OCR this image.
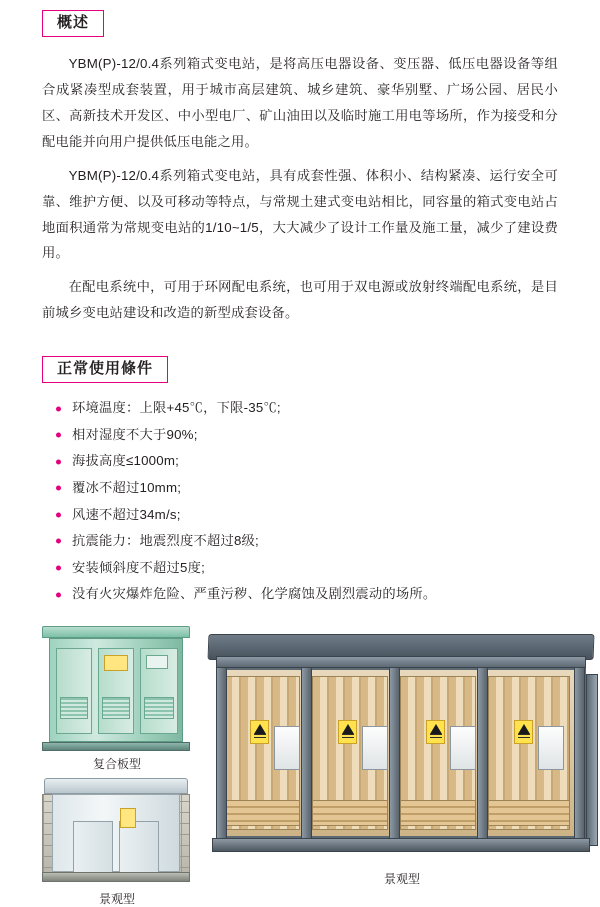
概述

YBM(P)-12/0.4系列箱式变电站，是将高压电器设备、变压器、低压电器设备等组合成紧凑型成套装置，用于城市高层建筑、城乡建筑、豪华别墅、广场公园、居民小区、高新技术开发区、中小型电厂、矿山油田以及临时施工用电等场所，作为接受和分配电能并向用户提供低压电能之用。

YBM(P)-12/0.4系列箱式变电站，具有成套性强、体积小、结构紧凑、运行安全可靠、维护方便、以及可移动等特点，与常规土建式变电站相比，同容量的箱式变电站占地面积通常为常规变电站的1/10~1/5，大大减少了设计工作量及施工量，减少了建设费用。

在配电系统中，可用于环网配电系统，也可用于双电源或放射终端配电系统，是目前城乡变电站建设和改造的新型成套设备。

正常使用條件
环境温度：上限+45℃，下限-35℃;
相对湿度不大于90%;
海拔高度≤1000m;
覆冰不超过10mm;
风速不超过34m/s;
抗震能力：地震烈度不超过8级;
安装倾斜度不超过5度;
没有火灾爆炸危险、严重污秽、化学腐蚀及剧烈震动的场所。
复合板型
景观型
景观型
